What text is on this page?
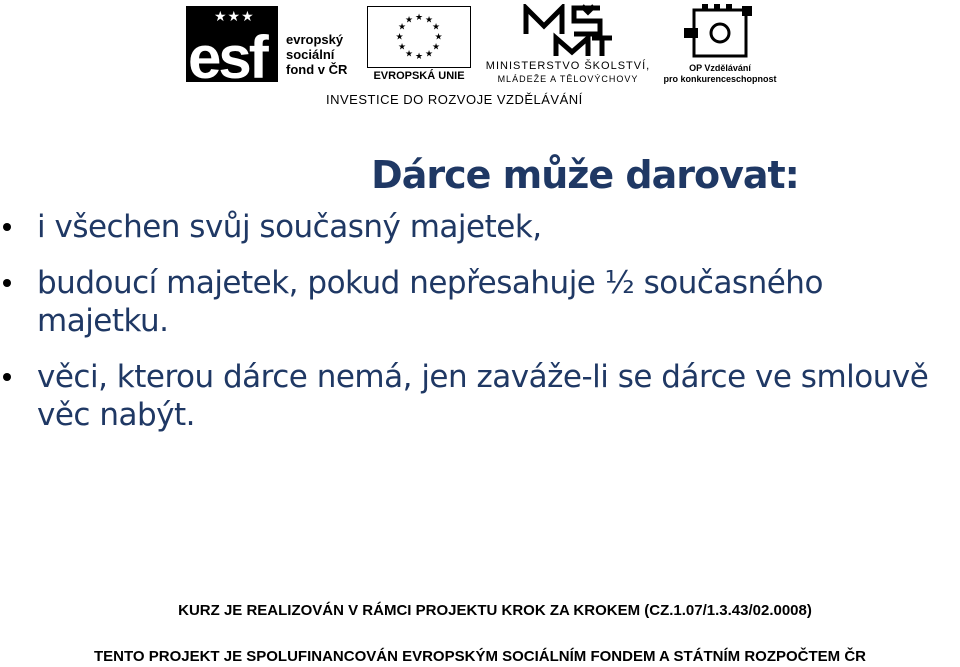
★★★
esf evropský
sociální
fond v ČR
★ ★
★
★
★
★
★
★
★
★
★
★
EVROPSKÁ UNIE
MINISTERSTVO ŠKOLSTVÍ,
MLÁDEŽE A TĚLOVÝCHOVY
OP Vzdělávání
pro konkurenceschopnost
INVESTICE DO ROZVOJE VZDĚLÁVÁNÍ
Dárce může darovat:
i všechen svůj současný majetek,
budoucí majetek, pokud nepřesahuje ½ současného majetku.
věci, kterou dárce nemá, jen zaváže-li se dárce ve smlouvě věc nabýt.
KURZ JE REALIZOVÁN V RÁMCI PROJEKTU KROK ZA KROKEM (CZ.1.07/1.3.43/02.0008)
TENTO PROJEKT JE SPOLUFINANCOVÁN EVROPSKÝM SOCIÁLNÍM FONDEM A STÁTNÍM ROZPOČTEM ČR
